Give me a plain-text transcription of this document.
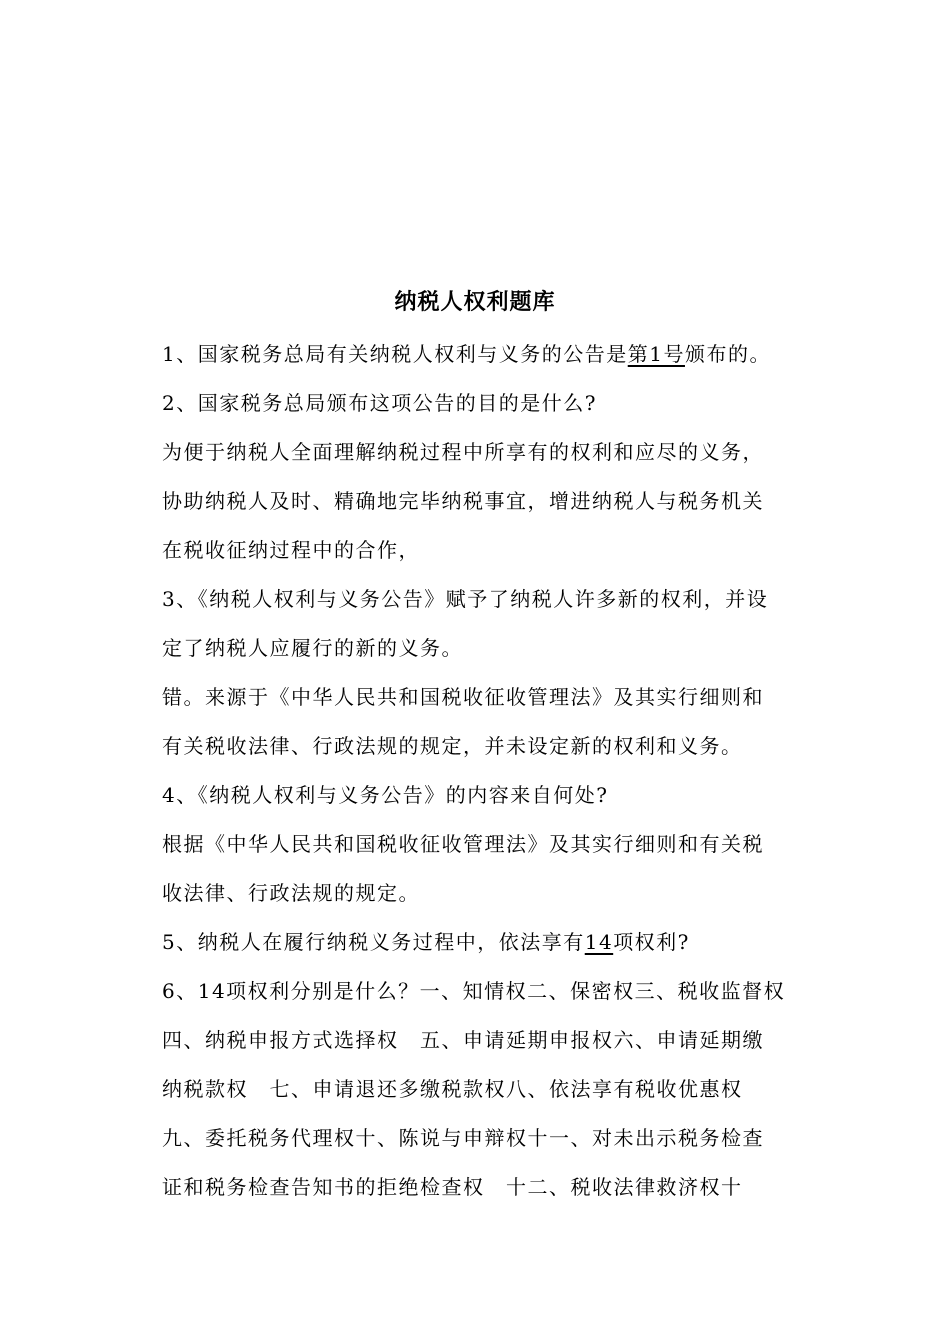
纳税人权利题库
1、国家税务总局有关纳税人权利与义务的公告是第1号颁布的。
2、国家税务总局颁布这项公告的目的是什么?
为便于纳税人全面理解纳税过程中所享有的权利和应尽的义务，
协助纳税人及时、精确地完毕纳税事宜，增进纳税人与税务机关
在税收征纳过程中的合作，
3、《纳税人权利与义务公告》赋予了纳税人许多新的权利，并设
定了纳税人应履行的新的义务。
错。来源于《中华人民共和国税收征收管理法》及其实行细则和
有关税收法律、行政法规的规定，并未设定新的权利和义务。
4、《纳税人权利与义务公告》的内容来自何处?
根据《中华人民共和国税收征收管理法》及其实行细则和有关税
收法律、行政法规的规定。
5、纳税人在履行纳税义务过程中，依法享有14项权利?
6、14项权利分别是什么？一、知情权二、保密权三、税收监督权
四、纳税申报方式选择权　五、申请延期申报权六、申请延期缴
纳税款权　七、申请退还多缴税款权八、依法享有税收优惠权
九、委托税务代理权十、陈说与申辩权十一、对未出示税务检查
证和税务检查告知书的拒绝检查权　十二、税收法律救济权十
